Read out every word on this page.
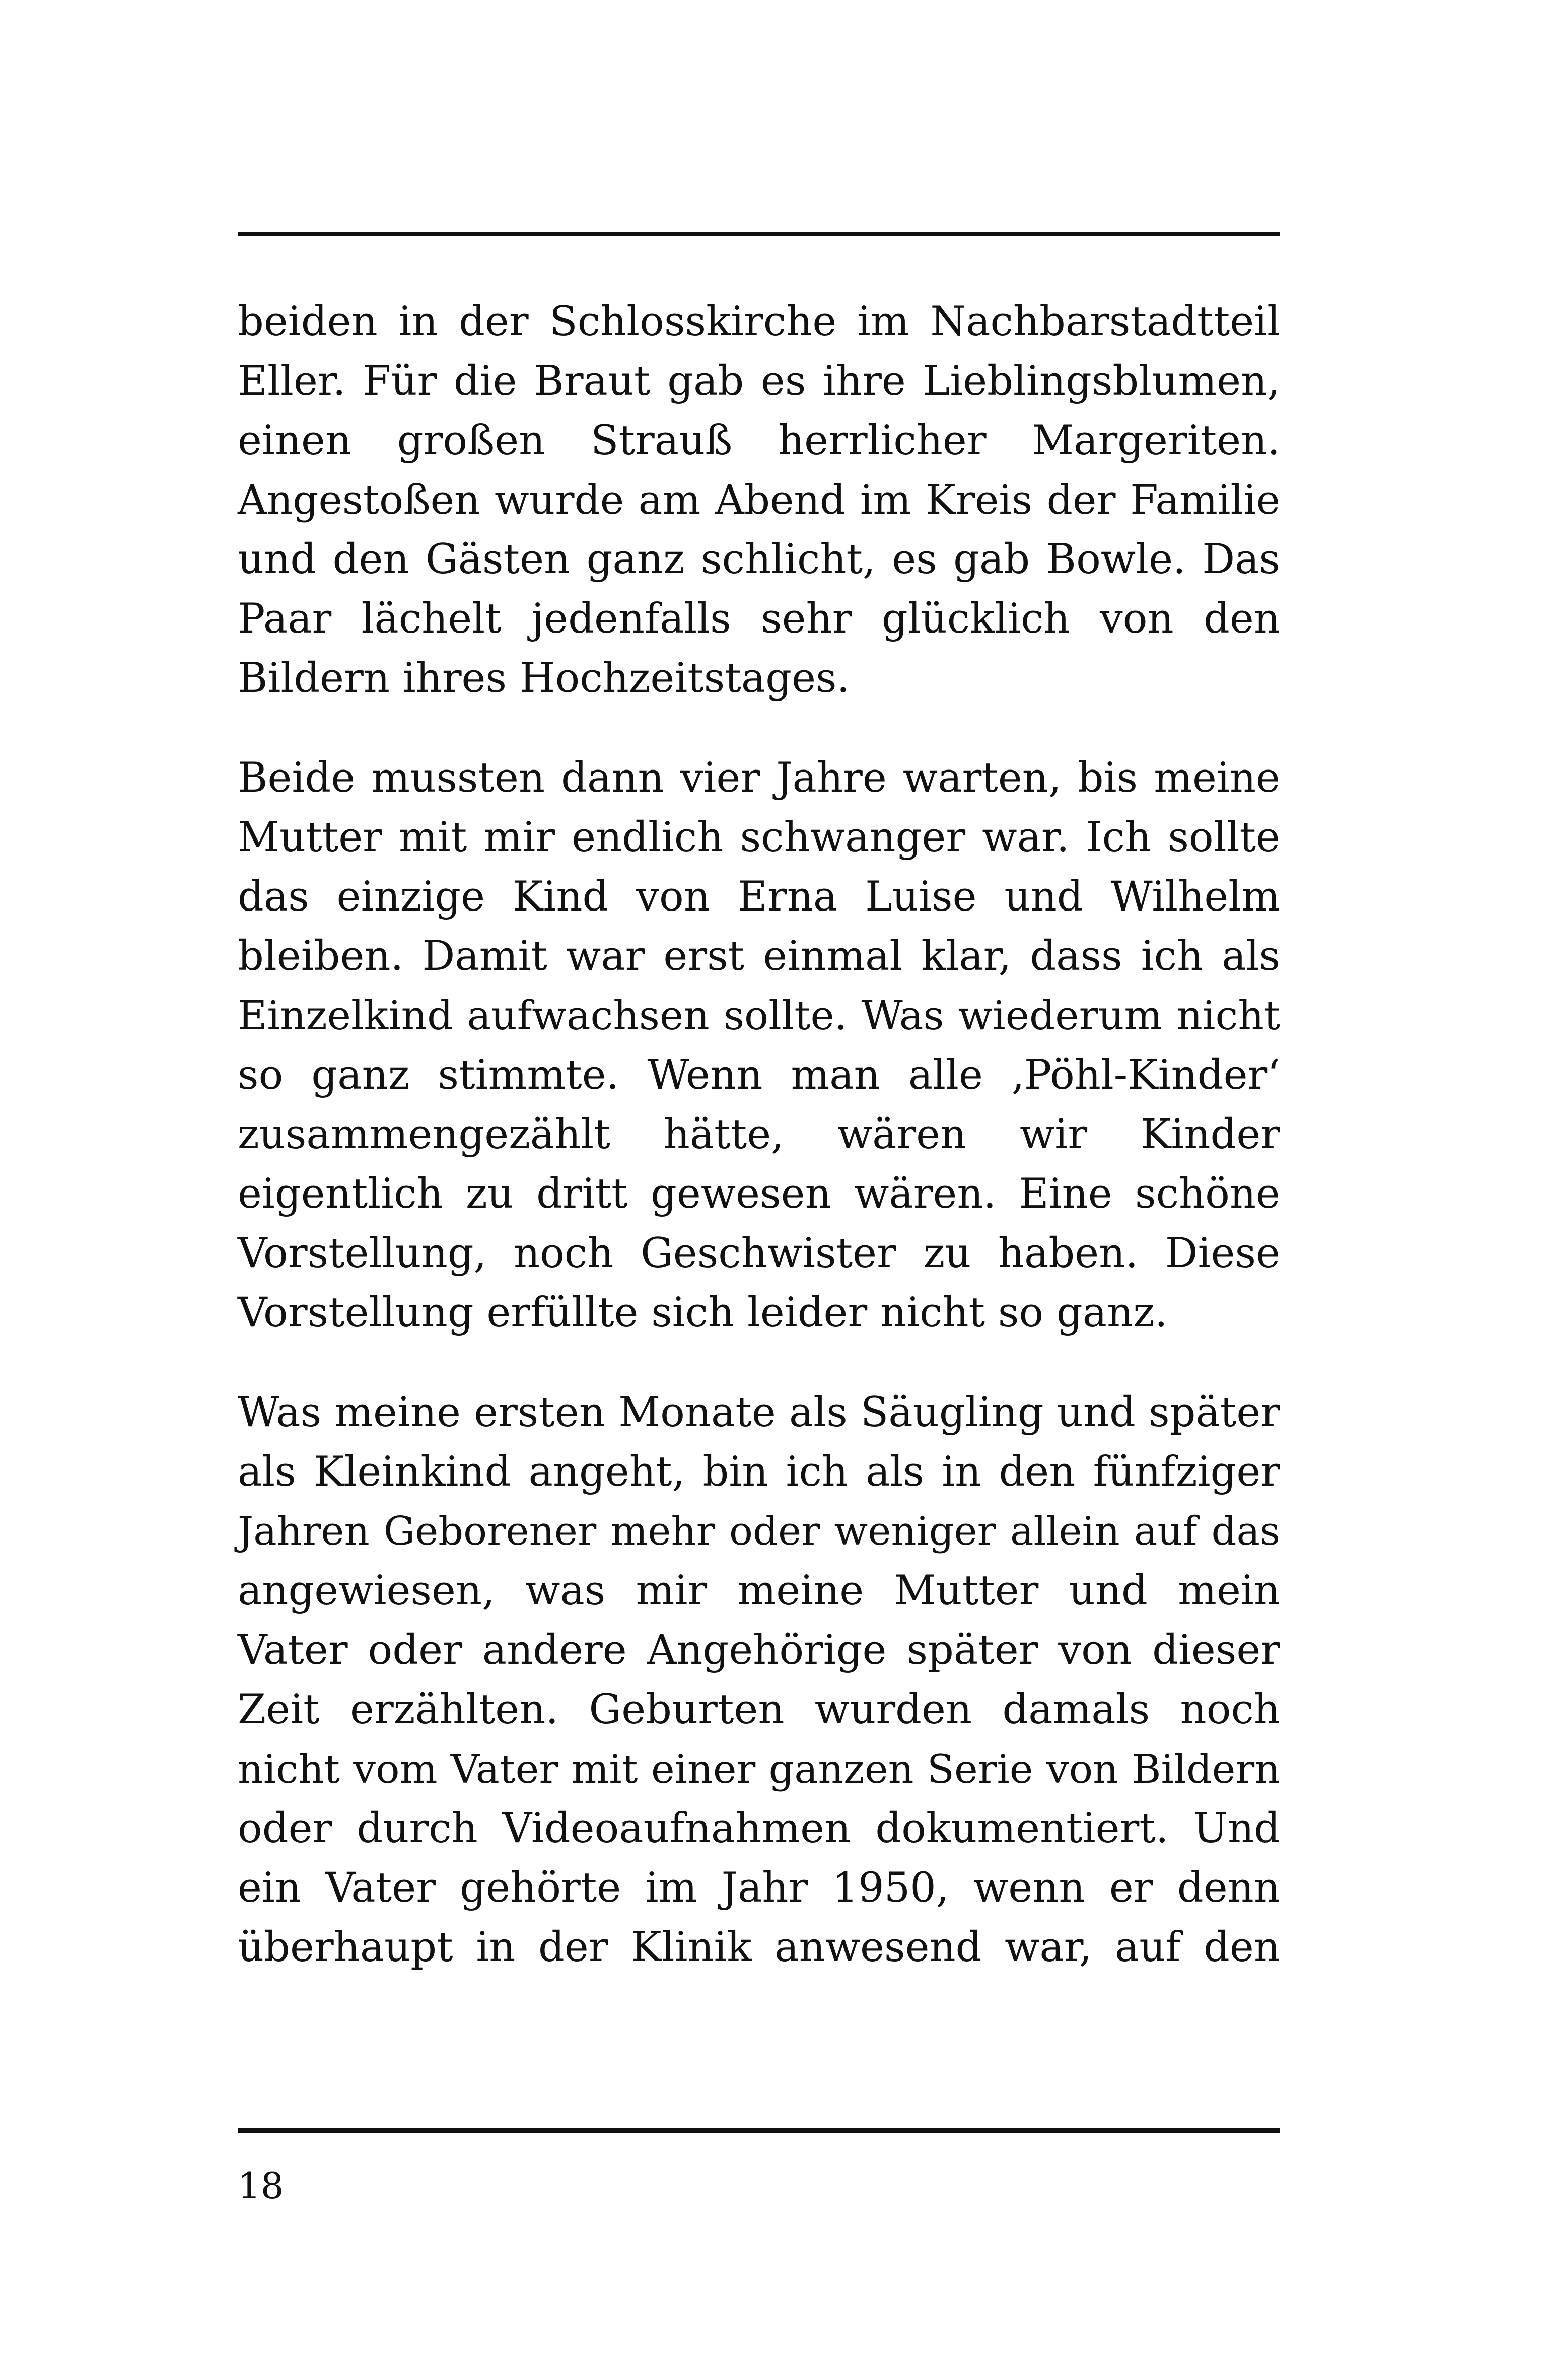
beiden in der Schlosskirche im Nachbarstadtteil
Eller. Für die Braut gab es ihre Lieblingsblumen,
einen großen Strauß herrlicher Margeriten.
Angestoßen wurde am Abend im Kreis der Familie
und den Gästen ganz schlicht, es gab Bowle. Das
Paar lächelt jedenfalls sehr glücklich von den
Bildern ihres Hochzeitstages.
Beide mussten dann vier Jahre warten, bis meine
Mutter mit mir endlich schwanger war. Ich sollte
das einzige Kind von Erna Luise und Wilhelm
bleiben. Damit war erst einmal klar, dass ich als
Einzelkind aufwachsen sollte. Was wiederum nicht
so ganz stimmte. Wenn man alle ‚Pöhl-Kinder‘
zusammengezählt hätte, wären wir Kinder
eigentlich zu dritt gewesen wären. Eine schöne
Vorstellung, noch Geschwister zu haben. Diese
Vorstellung erfüllte sich leider nicht so ganz.
Was meine ersten Monate als Säugling und später
als Kleinkind angeht, bin ich als in den fünfziger
Jahren Geborener mehr oder weniger allein auf das
angewiesen, was mir meine Mutter und mein
Vater oder andere Angehörige später von dieser
Zeit erzählten. Geburten wurden damals noch
nicht vom Vater mit einer ganzen Serie von Bildern
oder durch Videoaufnahmen dokumentiert. Und
ein Vater gehörte im Jahr 1950, wenn er denn
überhaupt in der Klinik anwesend war, auf den
18
